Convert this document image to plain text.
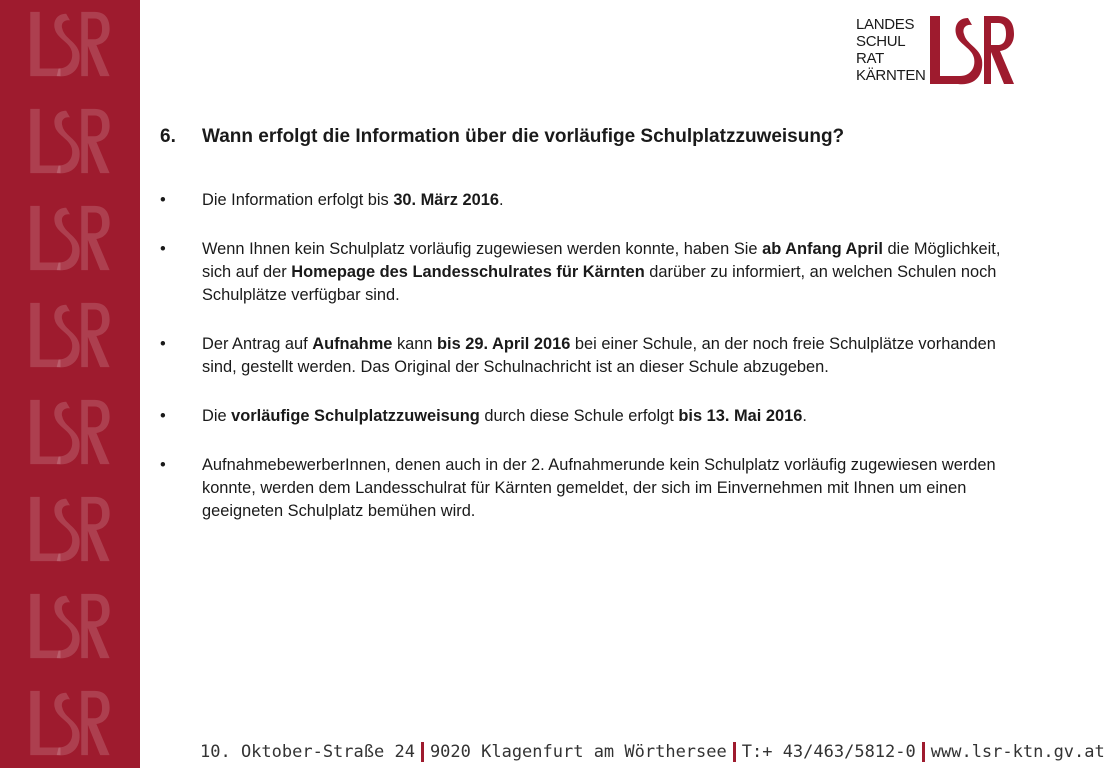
LANDES
SCHUL
RAT
KÄRNTEN
6. Wann erfolgt die Information über die vorläufige Schulplatzzuweisung?
• Die Information erfolgt bis 30. März 2016.
• Wenn Ihnen kein Schulplatz vorläufig zugewiesen werden konnte, haben Sie ab Anfang April die Möglichkeit, sich auf der Homepage des Landesschulrates für Kärnten darüber zu informiert, an welchen Schulen noch Schulplätze verfügbar sind.
• Der Antrag auf Aufnahme kann bis 29. April 2016 bei einer Schule, an der noch freie Schulplätze vorhanden sind, gestellt werden. Das Original der Schulnachricht ist an dieser Schule abzugeben.
• Die vorläufige Schulplatzzuweisung durch diese Schule erfolgt bis 13. Mai 2016.
• AufnahmebewerberInnen, denen auch in der 2. Aufnahmerunde kein Schulplatz vorläufig zugewiesen werden konnte, werden dem Landesschulrat für Kärnten gemeldet, der sich im Einvernehmen mit Ihnen um einen geeigneten Schulplatz bemühen wird.
10. Oktober-Straße 24 9020 Klagenfurt am Wörthersee T:+ 43/463/5812-0 www.lsr-ktn.gv.at
